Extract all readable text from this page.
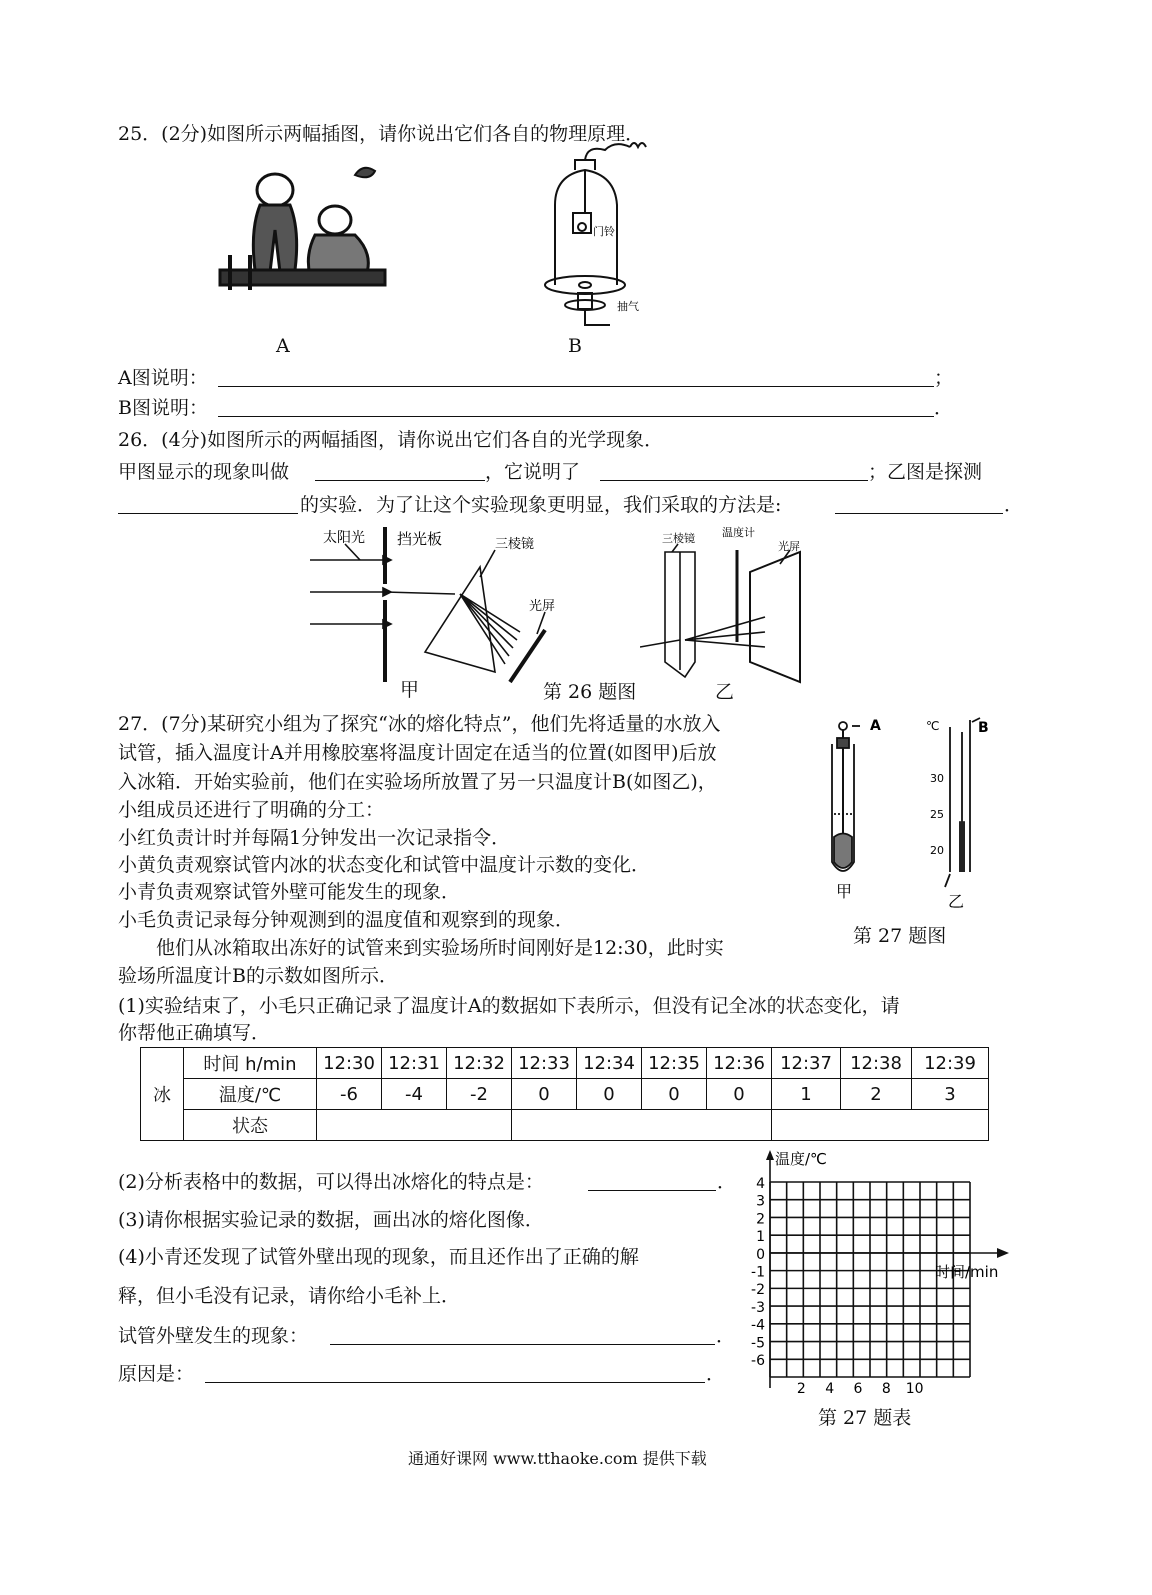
25．(2分)如图所示两幅插图，请你说出它们各自的物理原理．
A
门铃
抽气
B
A图说明：	；
B图说明：	．
26．(4分)如图所示的两幅插图，请你说出它们各自的光学现象．
甲图显示的现象叫做	，它说明了	；乙图是探测
的实验．为了让这个实验现象更明显，我们采取的方法是:	．
太阳光 挡光板	三棱镜
光屏
甲	第 26 题图
三棱镜 温度计
光屏
乙
27．(7分)某研究小组为了探究“冰的熔化特点”，他们先将适量的水放入
试管，插入温度计A并用橡胶塞将温度计固定在适当的位置(如图甲)后放
入冰箱．开始实验前，他们在实验场所放置了另一只温度计B(如图乙)，
小组成员还进行了明确的分工：
小红负责计时并每隔1分钟发出一次记录指令．
小黄负责观察试管内冰的状态变化和试管中温度计示数的变化．
小青负责观察试管外壁可能发生的现象．
小毛负责记录每分钟观测到的温度值和观察到的现象．
　　他们从冰箱取出冻好的试管来到实验场所时间刚好是12:30，此时实
验场所温度计B的示数如图所示．
(1)实验结束了，小毛只正确记录了温度计A的数据如下表所示，但没有记全冰的状态变化，请
你帮他正确填写．
A	B
℃
30
25
20
甲
乙
第 27 题图
冰	时间 h/min	12:30	12:31	12:32	12:33	12:34	12:35	12:36	12:37	12:38	12:39
	温度/℃	-6	-4	-2	0	0	0	0	1	2	3
	状态										
(2)分析表格中的数据，可以得出冰熔化的特点是：	．
(3)请你根据实验记录的数据，画出冰的熔化图像．
(4)小青还发现了试管外壁出现的现象，而且还作出了正确的解
释，但小毛没有记录，请你给小毛补上．
试管外壁发生的现象：	．
原因是：	．
4
3
2
1
0
-1
-2
-3
-4
-5
-6
2 4 6 8 10
温度/℃
时间/min
第 27 题表
通通好课网 www.tthaoke.com 提供下载
